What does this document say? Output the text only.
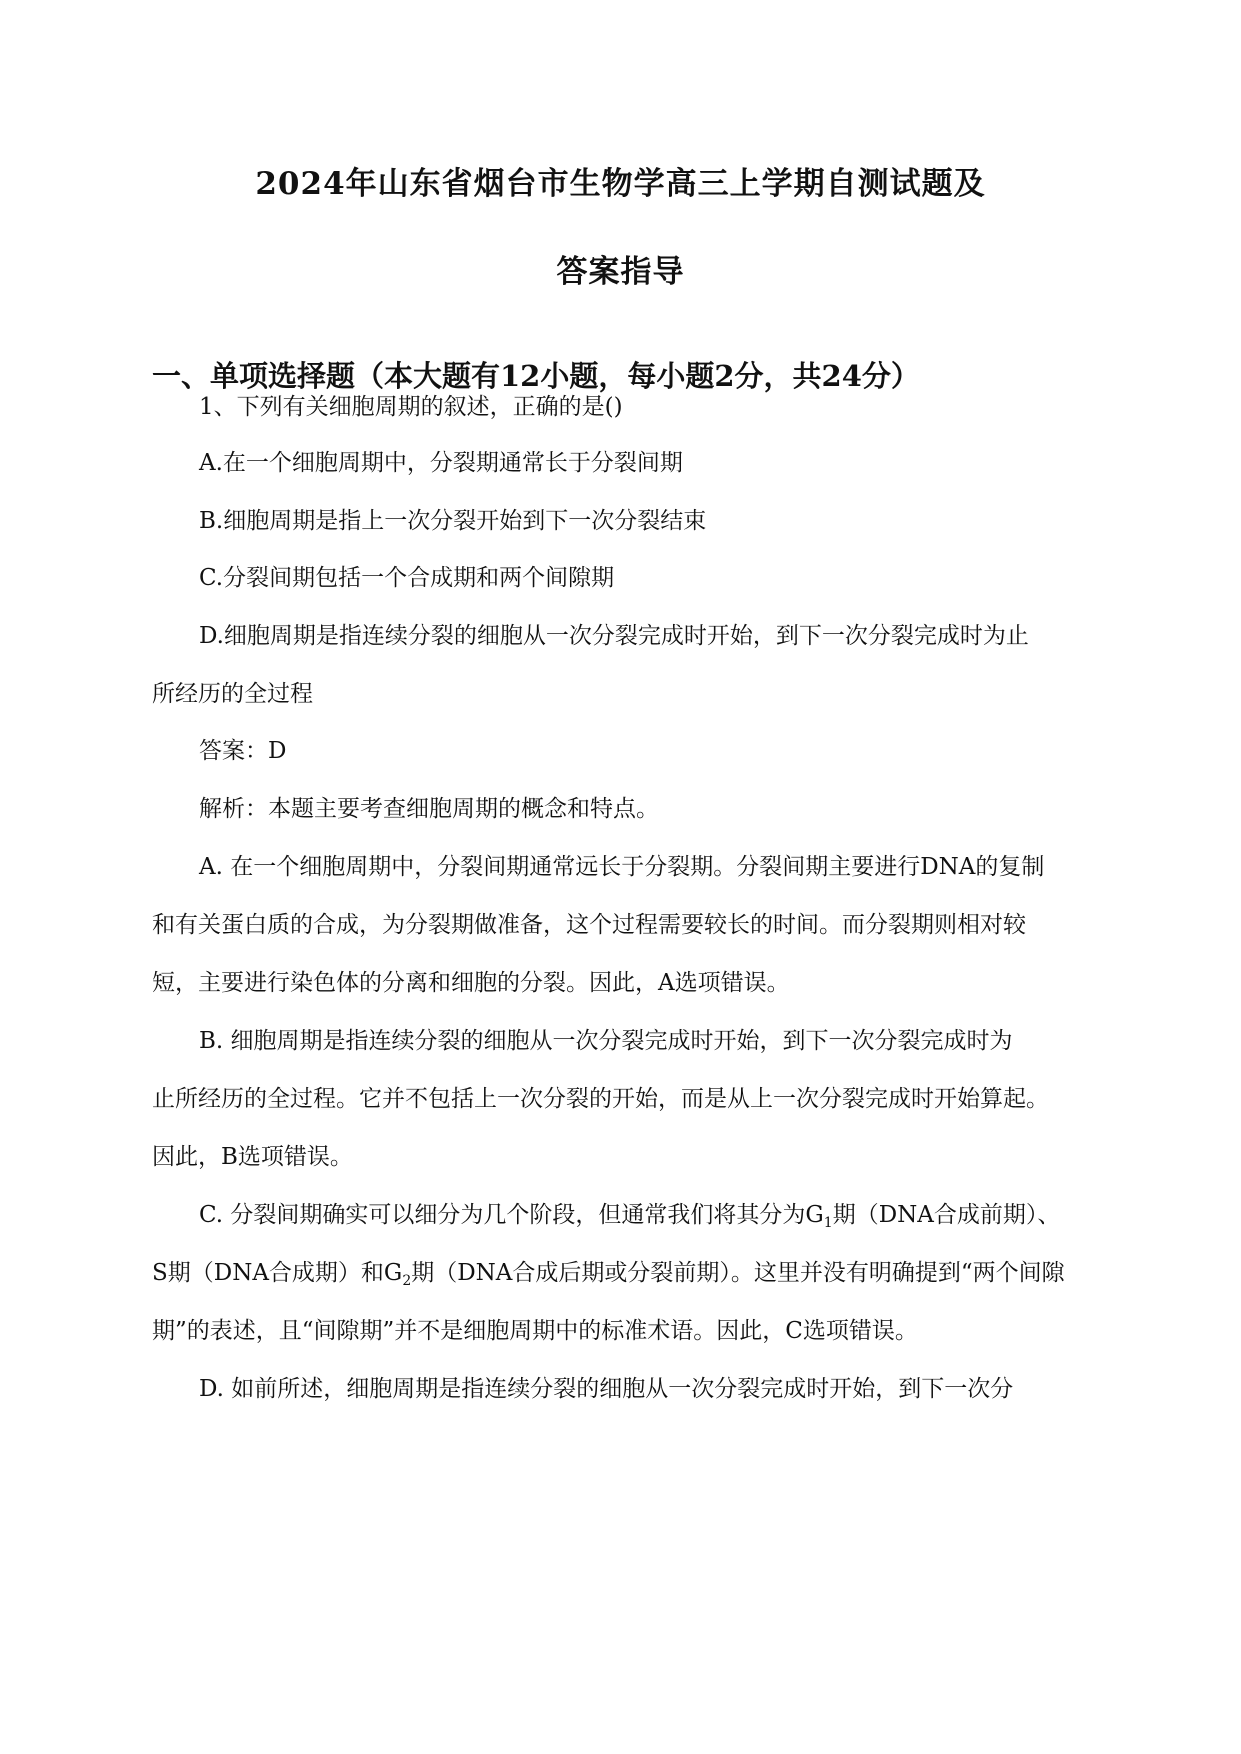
2024年山东省烟台市生物学高三上学期自测试题及
答案指导
一、单项选择题（本大题有12小题，每小题2分，共24分）
1、下列有关细胞周期的叙述，正确的是()
A.在一个细胞周期中，分裂期通常长于分裂间期
B.细胞周期是指上一次分裂开始到下一次分裂结束
C.分裂间期包括一个合成期和两个间隙期
D.细胞周期是指连续分裂的细胞从一次分裂完成时开始，到下一次分裂完成时为止
所经历的全过程
答案：D
解析：本题主要考查细胞周期的概念和特点。
A. 在一个细胞周期中，分裂间期通常远长于分裂期。分裂间期主要进行DNA的复制
和有关蛋白质的合成，为分裂期做准备，这个过程需要较长的时间。而分裂期则相对较
短，主要进行染色体的分离和细胞的分裂。因此，A选项错误。
B. 细胞周期是指连续分裂的细胞从一次分裂完成时开始，到下一次分裂完成时为
止所经历的全过程。它并不包括上一次分裂的开始，而是从上一次分裂完成时开始算起。
因此，B选项错误。
C. 分裂间期确实可以细分为几个阶段，但通常我们将其分为$G_1$期（DNA合成前期）、
S期（DNA合成期）和$G_2$期（DNA合成后期或分裂前期）。这里并没有明确提到“两个间隙
期”的表述，且“间隙期”并不是细胞周期中的标准术语。因此，C选项错误。
D. 如前所述，细胞周期是指连续分裂的细胞从一次分裂完成时开始，到下一次分
